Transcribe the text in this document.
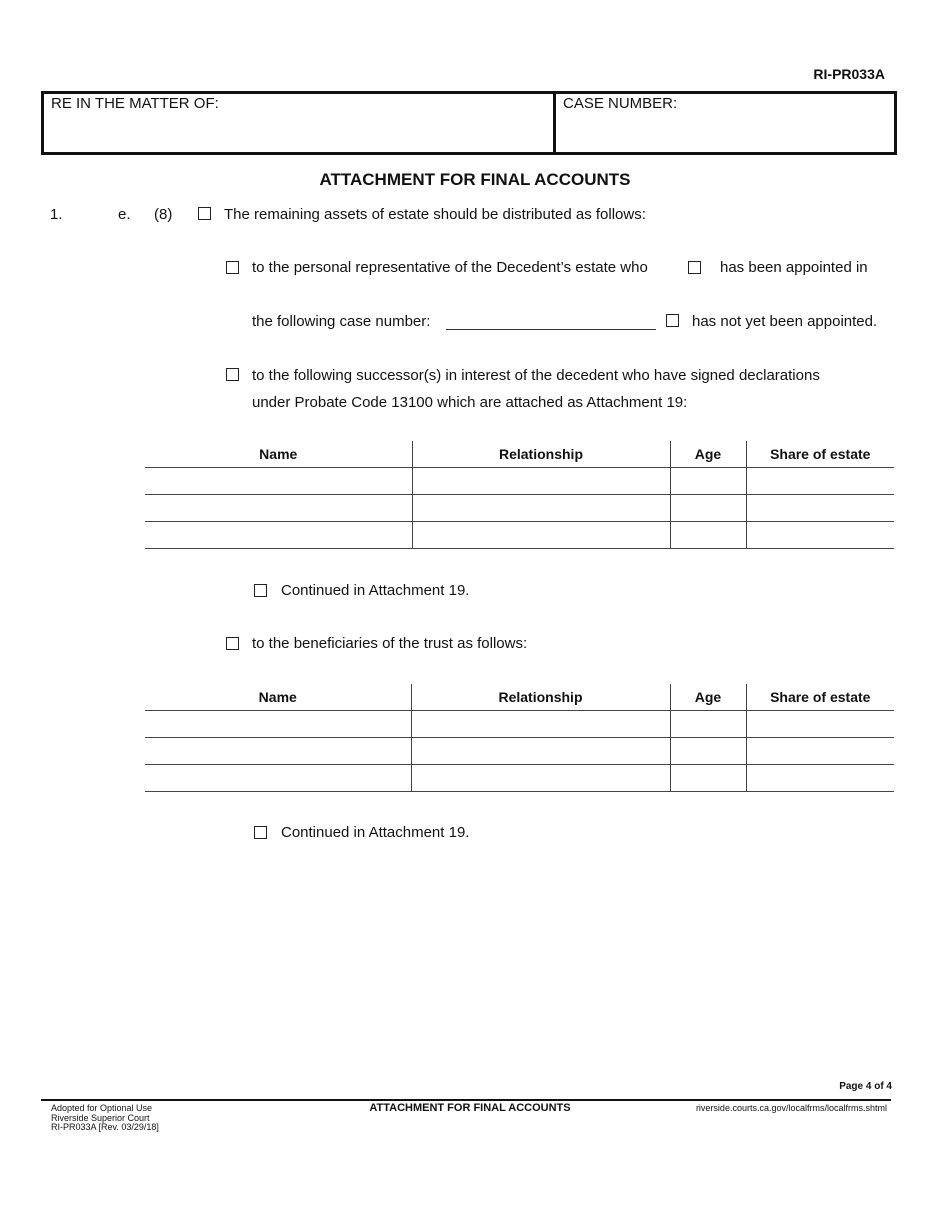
RI-PR033A
RE IN THE MATTER OF:	CASE NUMBER:
ATTACHMENT FOR FINAL ACCOUNTS
1.	e. (8)	The remaining assets of estate should be distributed as follows:
to the personal representative of the Decedent’s estate who	has been appointed in
the following case number:	has not yet been appointed.
to the following successor(s) in interest of the decedent who have signed declarations
under Probate Code 13100 which are attached as Attachment 19:
Name	Relationship	Age	Share of estate

Continued in Attachment 19.
to the beneficiaries of the trust as follows:
Name	Relationship	Age	Share of estate

Continued in Attachment 19.
Page 4 of 4
Adopted for Optional Use
Riverside Superior Court
RI-PR033A [Rev. 03/29/18]
ATTACHMENT FOR FINAL ACCOUNTS	riverside.courts.ca.gov/localfrms/localfrms.shtml
